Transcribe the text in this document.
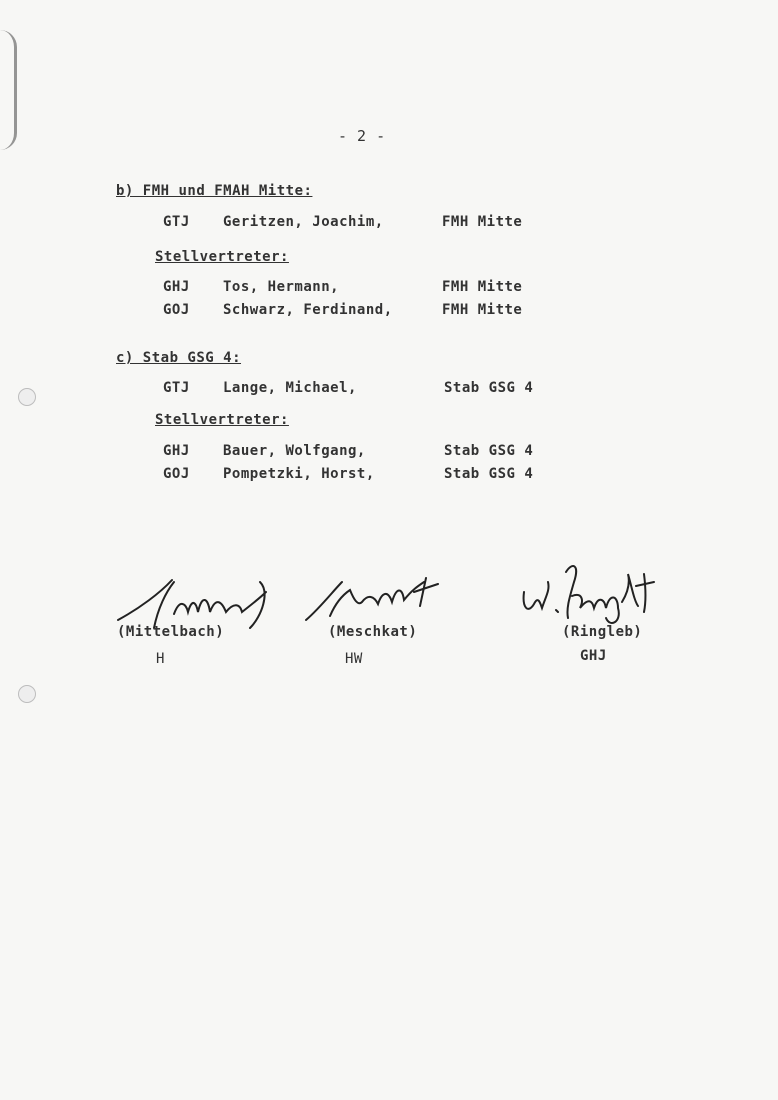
- 2 -
b) FMH und FMAH Mitte:
GTJ Geritzen, Joachim,	FMH Mitte
Stellvertreter:
GHJ Tos, Hermann,	FMH Mitte
GOJ Schwarz, Ferdinand,	FMH Mitte
c) Stab GSG 4:
GTJ Lange, Michael,	Stab GSG 4
Stellvertreter:
GHJ Bauer, Wolfgang,	Stab GSG 4
GOJ Pompetzki, Horst,	Stab GSG 4
(Mittelbach)	(Meschkat)	(Ringleb)
H	HW	GHJ
